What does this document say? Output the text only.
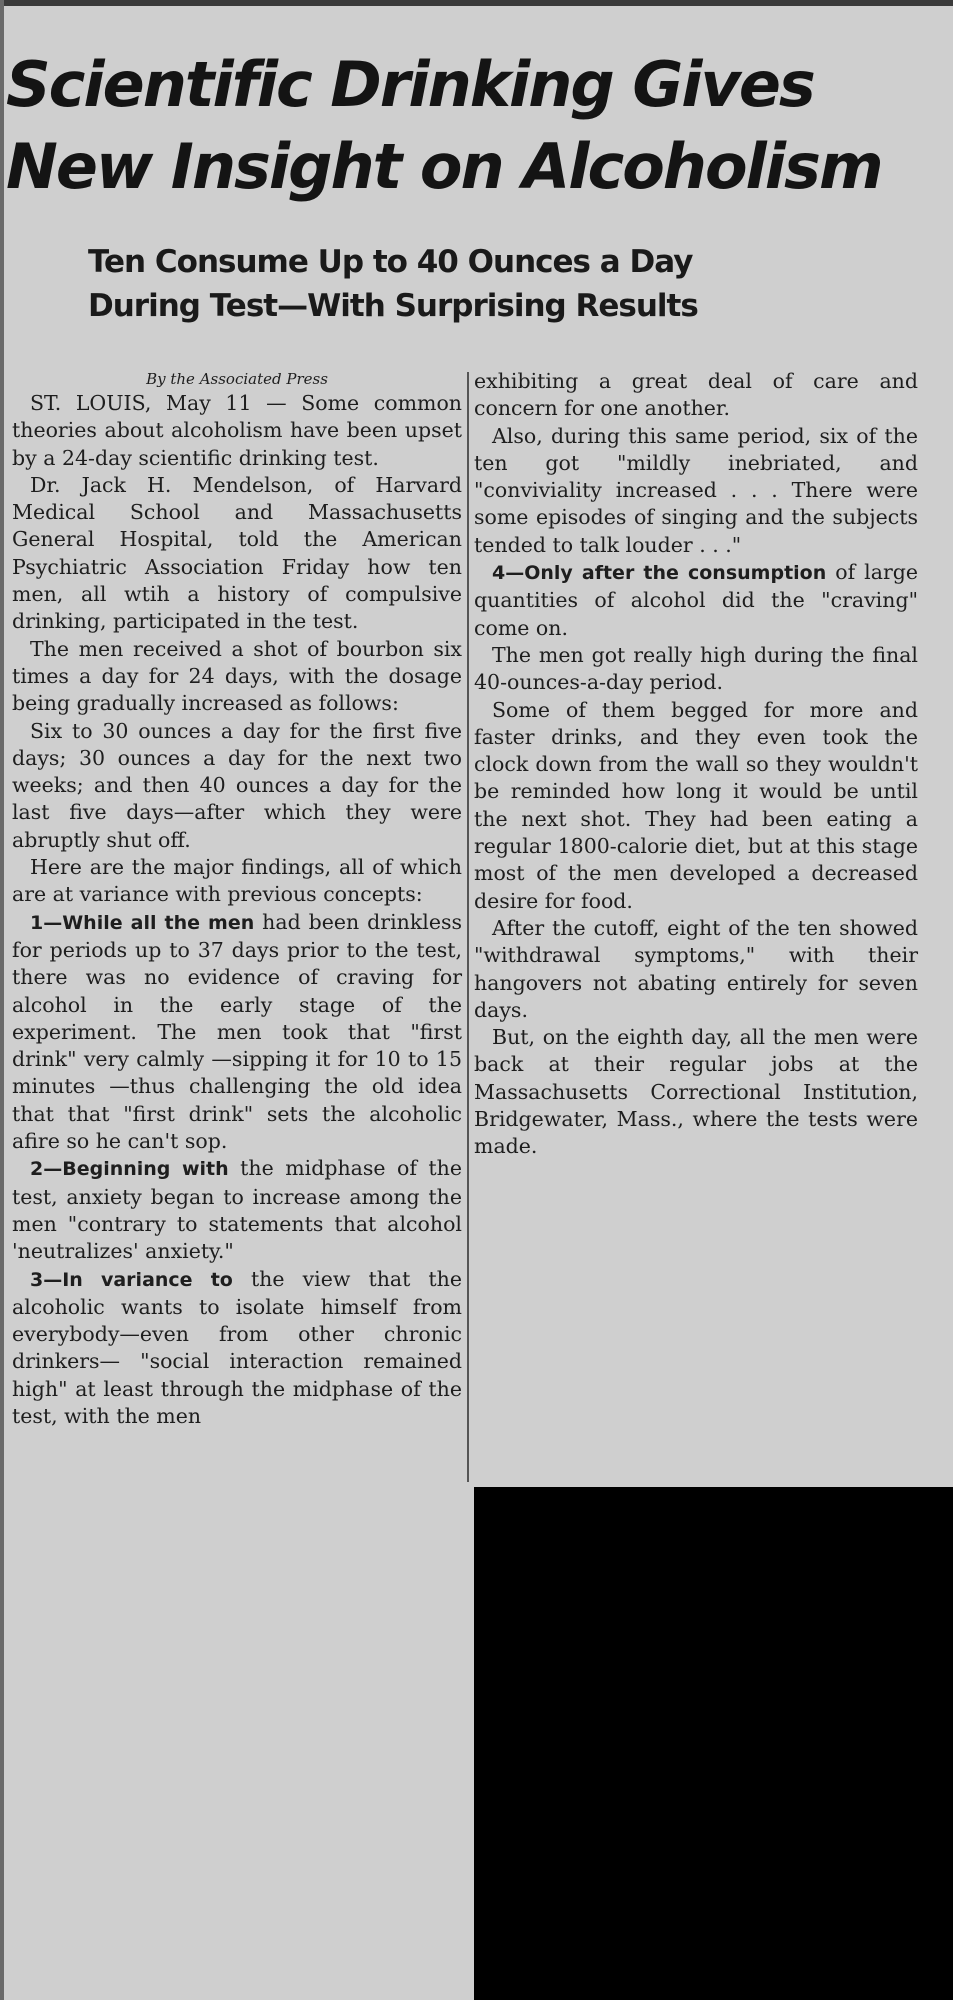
Scientific Drinking Gives
New Insight on Alcoholism
Ten Consume Up to 40 Ounces a Day
During Test—With Surprising Results

By the Associated Press

ST. LOUIS, May 11 — Some common theories about alcoholism have been upset by a 24-day scientific drinking test.

Dr. Jack H. Mendelson, of Harvard Medical School and Massachusetts General Hospital, told the American Psychiatric Association Friday how ten men, all wtih a history of compulsive drinking, participated in the test.

The men received a shot of bourbon six times a day for 24 days, with the dosage being gradually increased as follows:

Six to 30 ounces a day for the first five days; 30 ounces a day for the next two weeks; and then 40 ounces a day for the last five days—after which they were abruptly shut off.

Here are the major findings, all of which are at variance with previous concepts:

1—While all the men had been drinkless for periods up to 37 days prior to the test, there was no evidence of craving for alcohol in the early stage of the experiment. The men took that "first drink" very calmly —sipping it for 10 to 15 minutes —thus challenging the old idea that that "first drink" sets the alcoholic afire so he can't sop.

2—Beginning with the midphase of the test, anxiety began to increase among the men "contrary to statements that alcohol 'neutralizes' anxiety."

3—In variance to the view that the alcoholic wants to isolate himself from everybody—even from other chronic drinkers— "social interaction remained high" at least through the midphase of the test, with the men

exhibiting a great deal of care and concern for one another.

Also, during this same period, six of the ten got "mildly inebriated, and "conviviality increased . . . There were some episodes of singing and the subjects tended to talk louder . . ."

4—Only after the consumption of large quantities of alcohol did the "craving" come on.

The men got really high during the final 40-ounces-a-day period.

Some of them begged for more and faster drinks, and they even took the clock down from the wall so they wouldn't be reminded how long it would be until the next shot. They had been eating a regular 1800-calorie diet, but at this stage most of the men developed a decreased desire for food.

After the cutoff, eight of the ten showed "withdrawal symptoms," with their hangovers not abating entirely for seven days.

But, on the eighth day, all the men were back at their regular jobs at the Massachusetts Correctional Institution, Bridgewater, Mass., where the tests were made.
